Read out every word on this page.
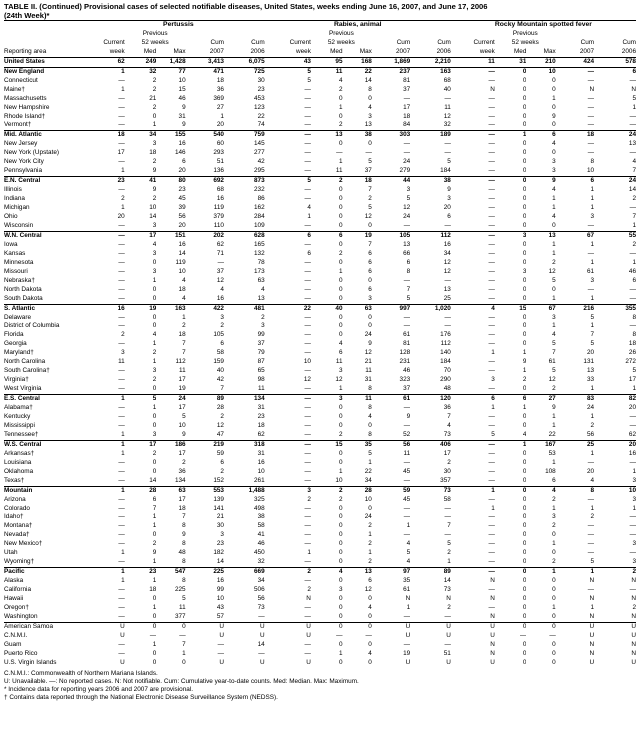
TABLE II. (Continued) Provisional cases of selected notifiable diseases, United States, weeks ending June 16, 2007, and June 17, 2006
(24th Week)*
	Pertussis					Rabies, animal					Rocky Mountain spotted fever				
		Previous					Previous					Previous			
	Current	52 weeks		Cum	Cum	Current	52 weeks		Cum	Cum	Current	52 weeks		Cum	Cum
Reporting area	week	Med	Max	2007	2006	week	Med	Max	2007	2006	week	Med	Max	2007	2006
United States	62	249	1,428	3,413	6,075	43	95	168	1,869	2,210	11	31	210	424	578
New England	1	32	77	471	725	5	11	22	237	163	—	0	10	—	6
Connecticut	—	2	10	18	30	5	4	14	81	68	—	0	0	—	—
Maine†	1	2	15	36	23	—	2	8	37	40	N	0	0	N	N
Massachusetts	—	21	46	369	453	—	0	0	—	—	—	0	1	—	5
New Hampshire	—	2	9	27	123	—	1	4	17	11	—	0	0	—	1
Rhode Island†	—	0	31	1	22	—	0	3	18	12	—	0	9	—	—
Vermont†	—	1	9	20	74	—	2	13	84	32	—	0	0	—	—
Mid. Atlantic	18	34	155	540	759	—	13	38	303	189	—	1	6	18	24
New Jersey	—	3	16	60	145	—	0	0	—	—	—	0	4	—	13
New York (Upstate)	17	18	146	293	277	—	—	—	—	—	—	0	0	—	—
New York City	—	2	6	51	42	—	1	5	24	5	—	0	3	8	4
Pennsylvania	1	9	20	136	295	—	11	37	279	184	—	0	3	10	7
E.N. Central	23	41	80	692	873	5	2	18	44	38	—	0	9	6	24
Illinois	—	9	23	68	232	—	0	7	3	9	—	0	4	1	14
Indiana	2	2	45	16	86	—	0	2	5	3	—	0	1	1	2
Michigan	1	10	39	119	162	4	0	5	12	20	—	0	1	1	—
Ohio	20	14	56	379	284	1	0	12	24	6	—	0	4	3	7
Wisconsin	—	3	20	110	109	—	0	0	—	—	—	0	0	—	1
W.N. Central	—	17	151	202	628	6	6	19	105	112	—	3	13	67	55
Iowa	—	4	16	62	165	—	0	7	13	16	—	0	1	1	2
Kansas	—	3	14	71	132	6	2	6	66	34	—	0	1	—	—
Minnesota	—	0	119	—	78	—	0	6	6	12	—	0	2	1	1
Missouri	—	3	10	37	173	—	1	6	8	12	—	3	12	61	46
Nebraska†	—	1	4	12	63	—	0	0	—	—	—	0	5	3	6
North Dakota	—	0	18	4	4	—	0	6	7	13	—	0	0	—	—
South Dakota	—	0	4	16	13	—	0	3	5	25	—	0	1	1	—
S. Atlantic	16	19	163	422	481	22	40	63	997	1,020	4	15	67	216	355
Delaware	—	0	1	3	2	—	0	0	—	—	—	0	3	5	8
District of Columbia	—	0	2	2	3	—	0	0	—	—	—	0	1	1	—
Florida	2	4	18	105	99	—	0	24	61	176	—	0	4	7	8
Georgia	—	1	7	6	37	—	4	9	81	112	—	0	5	5	18
Maryland†	3	2	7	58	79	—	6	12	128	140	1	1	7	20	26
North Carolina	11	1	112	159	87	10	11	21	231	184	—	9	61	131	272
South Carolina†	—	3	11	40	65	—	3	11	46	70	—	1	5	13	5
Virginia†	—	2	17	42	98	12	12	31	323	290	3	2	12	33	17
West Virginia	—	0	19	7	11	—	1	8	37	48	—	0	2	1	1
E.S. Central	1	5	24	89	134	—	3	11	61	120	6	6	27	83	82
Alabama†	—	1	17	28	31	—	0	8	—	36	1	1	9	24	20
Kentucky	—	0	5	2	23	—	0	4	9	7	—	0	1	1	—
Mississippi	—	0	10	12	18	—	0	0	—	4	—	0	1	2	—
Tennessee†	1	3	9	47	62	—	2	8	52	73	5	4	22	56	62
W.S. Central	1	17	186	219	318	—	15	35	56	406	—	1	167	25	20
Arkansas†	1	2	17	59	31	—	0	5	11	17	—	0	53	1	16
Louisiana	—	0	2	6	16	—	0	1	—	2	—	0	1	—	—
Oklahoma	—	0	36	2	10	—	1	22	45	30	—	0	108	20	1
Texas†	—	14	134	152	261	—	10	34	—	357	—	0	6	4	3
Mountain	1	28	63	553	1,488	3	2	28	59	73	1	0	4	8	10
Arizona	—	6	17	139	325	2	2	10	45	58	—	0	2	—	3
Colorado	—	7	18	141	498	—	0	0	—	—	1	0	1	1	1
Idaho†	—	1	7	21	38	—	0	24	—	—	—	0	3	2	—
Montana†	—	1	8	30	58	—	0	2	1	7	—	0	2	—	—
Nevada†	—	0	9	3	41	—	0	1	—	—	—	0	0	—	—
New Mexico†	—	2	8	23	46	—	0	2	4	5	—	0	1	—	3
Utah	1	9	48	182	450	1	0	1	5	2	—	0	0	—	—
Wyoming†	—	1	8	14	32	—	0	2	4	1	—	0	2	5	3
Pacific	1	23	547	225	669	2	4	13	97	89	—	0	1	1	2
Alaska	1	1	8	16	34	—	0	6	35	14	N	0	0	N	N
California	—	18	225	99	506	2	3	12	61	73	—	0	0	—	—
Hawaii	—	0	5	10	56	N	0	0	N	N	N	0	0	N	N
Oregon†	—	1	11	43	73	—	0	4	1	2	—	0	1	1	2
Washington	—	0	377	57	—	—	0	0	—	—	N	0	0	N	N
American Samoa	U	0	0	U	U	U	0	0	U	U	U	0	0	U	U
C.N.M.I.	U	—	—	U	U	U	—	—	U	U	U	—	—	U	U
Guam	—	1	7	—	14	—	0	0	—	—	N	0	0	N	N
Puerto Rico	—	0	1	—	—	—	1	4	19	51	N	0	0	N	N
U.S. Virgin Islands	U	0	0	U	U	U	0	0	U	U	U	0	0	U	U

C.N.M.I.: Commonwealth of Northern Mariana Islands.

U: Unavailable. —: No reported cases. N: Not notifiable. Cum: Cumulative year-to-date counts. Med: Median. Max: Maximum.

* Incidence data for reporting years 2006 and 2007 are provisional.

† Contains data reported through the National Electronic Disease Surveillance System (NEDSS).
